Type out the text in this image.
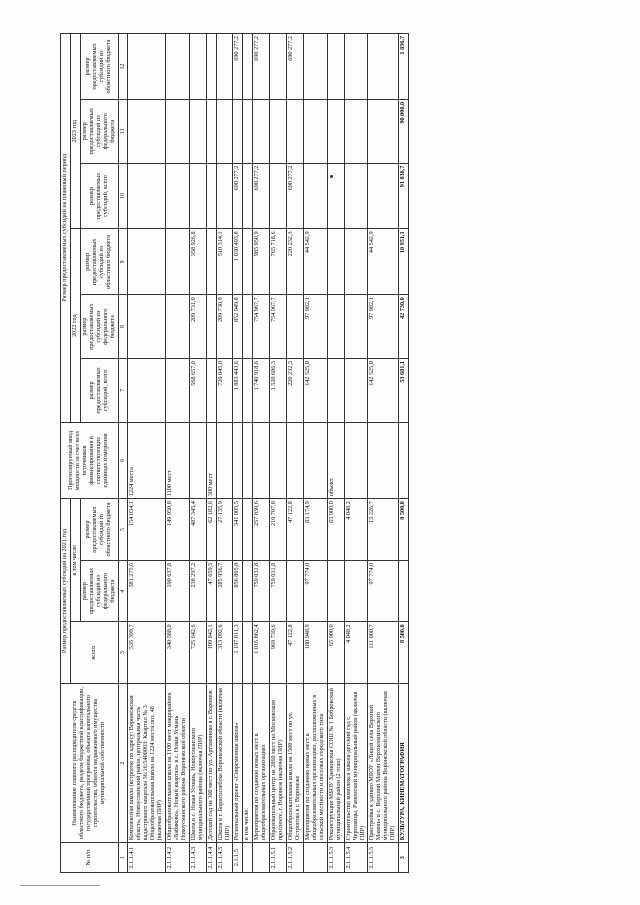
№ п/п	Наименование главного распорядителя средств областного бюджета, раздела бюджетной классификации, государственной программы, объекта капитального строительства, объекта недвижимого имущества муниципальной собственности	Размер предоставляемых субсидий на 2021 год			Прогнозируемый ввод мощности за счет всех источников финансирования в соответствующих единицах измерения	Размер предоставляемых субсидий на плановый период					
		всего	в том числе			2022 год			2023 год		
			размер предоставляемых субсидий из федерального бюджета	размер предоставляемых субсидий из областного бюджета		размер предоставляемых субсидий, всего	размер предоставляемых субсидий из федерального бюджета	размер предоставляемых субсидий из областного бюджета	размер предоставляемых субсидий, всего	размер предоставляемых субсидий из федерального бюджета	размер предоставляемых субсидий из областного бюджета
1	2	3	4	5	6	7	8	9	10	11	12
2.1.1.4.1	Комплексная школа (встроено по адресу: Воронежская область, Новоусманский район, центральная часть кадастрового квартала 36:16:5400003: Квартал № 3 Общеобразовательная школа на 1224 места поз. 48 (включая ПИР)	535 399,7	381 275,6	154 034,1	1224 места						
2.1.1.4.2	Общеобразовательная школа на 1100 мест микрорайона «Бабяково». Новый квартал» в с. Новая Усмань Новоусманского района Воронежской области	340 588,0	190 637,8	149 950,8	1100 мест						
2.1.1.4.3	Школа в с. Новая Усмань, Новоусманского муниципального района (включая ПИР)	725 642,6	238 297,2	487 345,4		568 657,8	209 731,0	358 926,8			
2.1.1.4.4	Детский сад на 300 мест по ул. Артамонова в г. Воронеж	109 842,1	47 659,5	62 182,6	300 мест						
2.1.1.4.5	Школа в г. Борисоглебске Воронежской области (включая ПИР)	313 092,6	285 956,7	27 135,9		720 045,0	209 730,9	510 314,1			
2.1.1.5	Региональный проект «Современная школа»	1 197 811,3	856 805,8	341 005,5		1 883 443,6	852 949,8	1 030 493,8	690 277,2		690 277,2
	в том числе:										
	Мероприятия по созданию новых мест в общеобразовательных организациях	1 016 862,4	759 031,8	257 830,6		1 740 918,6	754 967,7	985 950,9	690 277,2		690 277,2
2.1.1.5.1	Образовательный центр на 2860 мест на Московском проспекте, г. Воронеж (включая ПИР)	969 739,6	759 031,8	210 707,8		1 520 686,3	754 967,7	765 718,6			
2.1.1.5.2	Общеобразовательная школа на 1500 мест по ул. Острогова в г. Воронеже	47 122,8		47 122,8		220 232,3		220 232,3	690 277,2		690 277,2
	Мероприятия по созданию новых мест в общеобразовательных организациях, расположенных в сельской местности и поселках городского типа	180 948,9	97 774,0	83 174,9		142 525,0	97 982,1	44 542,9			
2.1.1.5.3	Реконструкция МБОУ Хреновская СОШ № 1 Бобровский муниципальный район (2 этап)	65 900,0		65 900,0	объект						
2.1.1.5.4	Строительство комплекса школа-детский сад с. Чертовицы, Рамонский муниципальный район (включая ПИР)	4 048,2		4 048,2							
2.1.1.5.5	Пристройка к зданию МБОУ «Лицей села Верхний Мамон» в с. Верхний Мамон Верхнемамонского муниципального района Воронежской области (включая ПИР)	111 000,7	97 774,0	13 226,7		142 525,0	97 982,1	44 542,9			
3	КУЛЬТУРА, КИНЕМАТОГРАФИЯ	8 500,0		8 500,0		53 681,1	42 730,0	10 951,1	91 836,7	90 000,0	1 836,7
